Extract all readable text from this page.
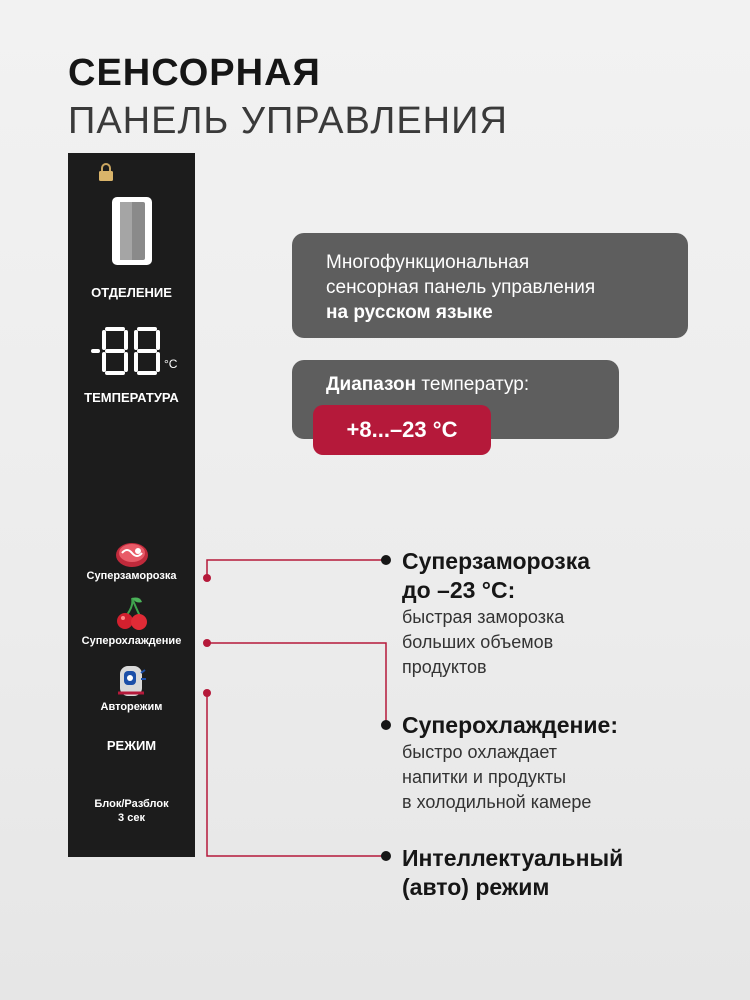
СЕНСОРНАЯ
ПАНЕЛЬ УПРАВЛЕНИЯ
ОТДЕЛЕНИЕ
°C
ТЕМПЕРАТУРА
Суперзаморозка
Суперохлаждение
Авторежим
РЕЖИМ
Блок/Разблок
3 сек
Многофункциональная
сенсорная панель управления
на русском языке
Диапазон температур:
+8...–23 °C
Суперзаморозка
до –23 °C:
быстрая заморозка
больших объемов
продуктов
Суперохлаждение:
быстро охлаждает
напитки и продукты
в холодильной камере
Интеллектуальный
(авто) режим
